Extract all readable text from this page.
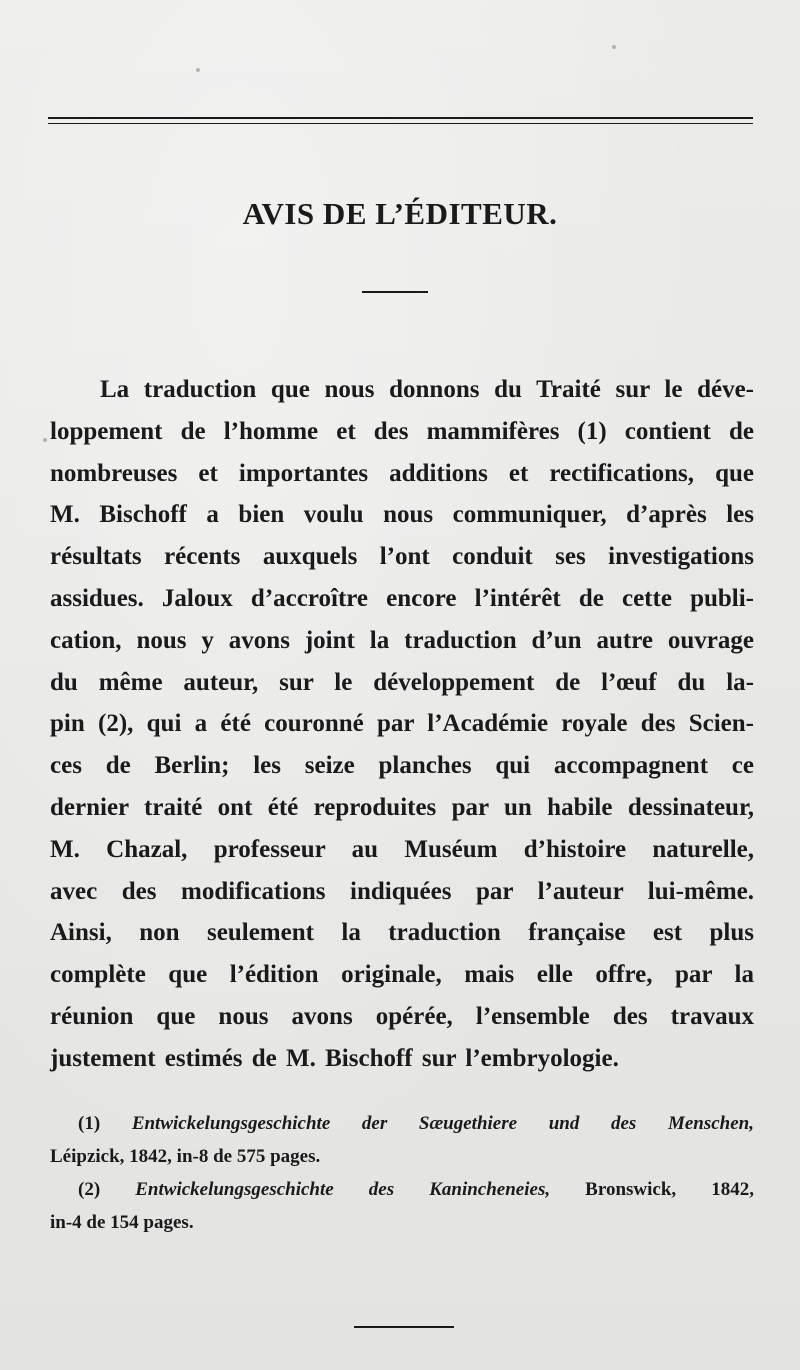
AVIS DE L’ÉDITEUR.
La traduction que nous donnons du Traité sur le déve-
loppement de l’homme et des mammifères (1) contient de
nombreuses et importantes additions et rectifications, que
M. Bischoff a bien voulu nous communiquer, d’après les
résultats récents auxquels l’ont conduit ses investigations
assidues. Jaloux d’accroître encore l’intérêt de cette publi-
cation, nous y avons joint la traduction d’un autre ouvrage
du même auteur, sur le développement de l’œuf du la-
pin (2), qui a été couronné par l’Académie royale des Scien-
ces de Berlin; les seize planches qui accompagnent ce
dernier traité ont été reproduites par un habile dessinateur,
M. Chazal, professeur au Muséum d’histoire naturelle,
avec des modifications indiquées par l’auteur lui-même.
Ainsi, non seulement la traduction française est plus
complète que l’édition originale, mais elle offre, par la
réunion que nous avons opérée, l’ensemble des travaux
justement estimés de M. Bischoff sur l’embryologie.
(1) Entwickelungsgeschichte der Sæugethiere und des Menschen,
Léipzick, 1842, in-8 de 575 pages.
(2) Entwickelungsgeschichte des Kanincheneies, Bronswick, 1842,
in-4 de 154 pages.
